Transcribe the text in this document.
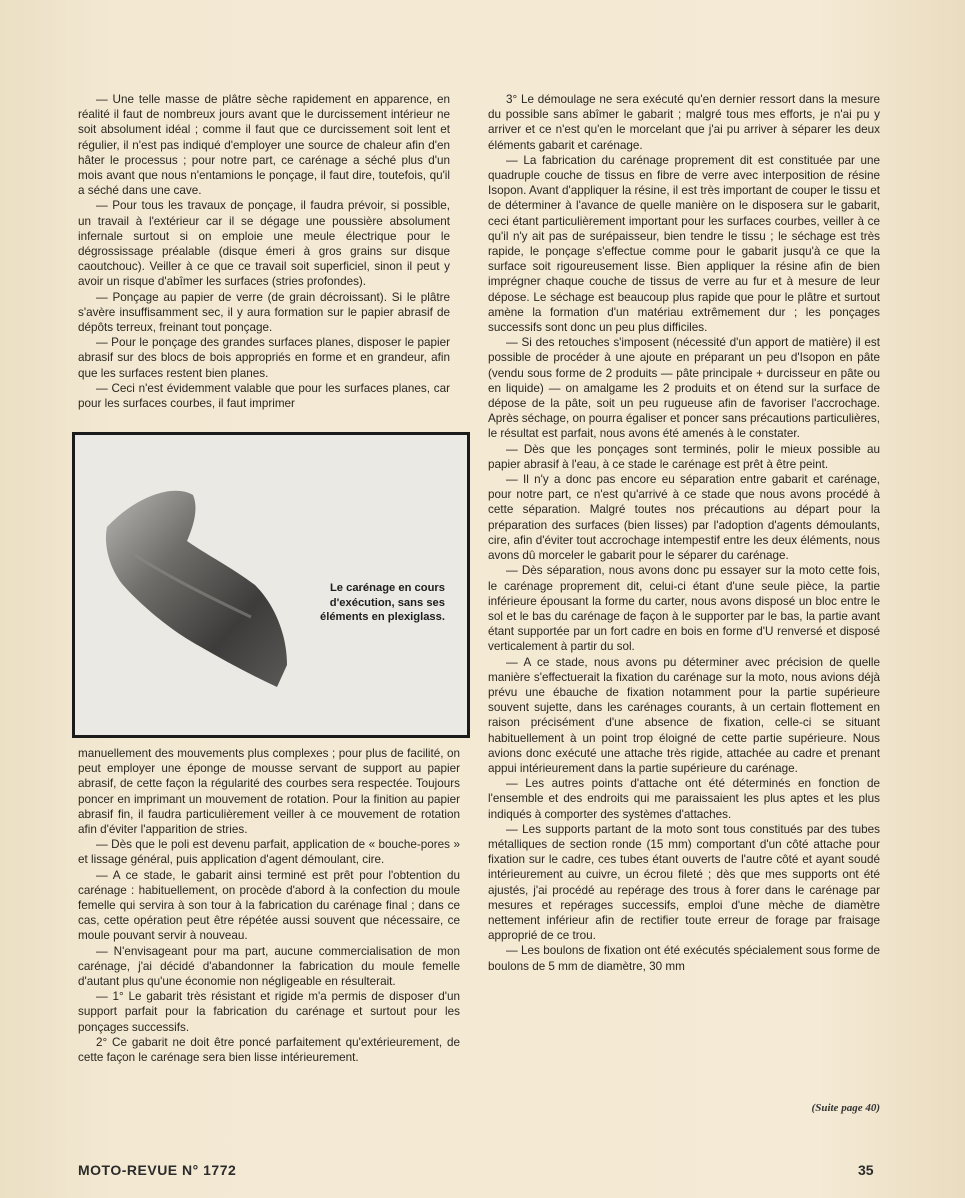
— Une telle masse de plâtre sèche rapidement en apparence, en réalité il faut de nombreux jours avant que le durcissement intérieur ne soit absolument idéal ; comme il faut que ce durcissement soit lent et régulier, il n'est pas indiqué d'employer une source de chaleur afin d'en hâter le processus ; pour notre part, ce carénage a séché plus d'un mois avant que nous n'entamions le ponçage, il faut dire, toutefois, qu'il a séché dans une cave.

— Pour tous les travaux de ponçage, il faudra prévoir, si possible, un travail à l'extérieur car il se dégage une poussière absolument infernale surtout si on emploie une meule électrique pour le dégrossissage préalable (disque émeri à gros grains sur disque caoutchouc). Veiller à ce que ce travail soit superficiel, sinon il peut y avoir un risque d'abîmer les surfaces (stries profondes).

— Ponçage au papier de verre (de grain décroissant). Si le plâtre s'avère insuffisamment sec, il y aura formation sur le papier abrasif de dépôts terreux, freinant tout ponçage.

— Pour le ponçage des grandes surfaces planes, disposer le papier abrasif sur des blocs de bois appropriés en forme et en grandeur, afin que les surfaces restent bien planes.

— Ceci n'est évidemment valable que pour les surfaces planes, car pour les surfaces courbes, il faut imprimer

Le carénage en cours d'exécution, sans ses éléments en plexiglass.

manuellement des mouvements plus complexes ; pour plus de facilité, on peut employer une éponge de mousse servant de support au papier abrasif, de cette façon la régularité des courbes sera respectée. Toujours poncer en imprimant un mouvement de rotation. Pour la finition au papier abrasif fin, il faudra particulièrement veiller à ce mouvement de rotation afin d'éviter l'apparition de stries.

— Dès que le poli est devenu parfait, application de « bouche-pores » et lissage général, puis application d'agent démoulant, cire.

— A ce stade, le gabarit ainsi terminé est prêt pour l'obtention du carénage : habituellement, on procède d'abord à la confection du moule femelle qui servira à son tour à la fabrication du carénage final ; dans ce cas, cette opération peut être répétée aussi souvent que nécessaire, ce moule pouvant servir à nouveau.

— N'envisageant pour ma part, aucune commercialisation de mon carénage, j'ai décidé d'abandonner la fabrication du moule femelle d'autant plus qu'une économie non négligeable en résulterait.

— 1° Le gabarit très résistant et rigide m'a permis de disposer d'un support parfait pour la fabrication du carénage et surtout pour les ponçages successifs.

2° Ce gabarit ne doit être poncé parfaitement qu'extérieurement, de cette façon le carénage sera bien lisse intérieurement.

3° Le démoulage ne sera exécuté qu'en dernier ressort dans la mesure du possible sans abîmer le gabarit ; malgré tous mes efforts, je n'ai pu y arriver et ce n'est qu'en le morcelant que j'ai pu arriver à séparer les deux éléments gabarit et carénage.

— La fabrication du carénage proprement dit est constituée par une quadruple couche de tissus en fibre de verre avec interposition de résine Isopon. Avant d'appliquer la résine, il est très important de couper le tissu et de déterminer à l'avance de quelle manière on le disposera sur le gabarit, ceci étant particulièrement important pour les surfaces courbes, veiller à ce qu'il n'y ait pas de surépaisseur, bien tendre le tissu ; le séchage est très rapide, le ponçage s'effectue comme pour le gabarit jusqu'à ce que la surface soit rigoureusement lisse. Bien appliquer la résine afin de bien imprégner chaque couche de tissus de verre au fur et à mesure de leur dépose. Le séchage est beaucoup plus rapide que pour le plâtre et surtout amène la formation d'un matériau extrêmement dur ; les ponçages successifs sont donc un peu plus difficiles.

— Si des retouches s'imposent (nécessité d'un apport de matière) il est possible de procéder à une ajoute en préparant un peu d'Isopon en pâte (vendu sous forme de 2 produits — pâte principale + durcisseur en pâte ou en liquide) — on amalgame les 2 produits et on étend sur la surface de dépose de la pâte, soit un peu rugueuse afin de favoriser l'accrochage. Après séchage, on pourra égaliser et poncer sans précautions particulières, le résultat est parfait, nous avons été amenés à le constater.

— Dès que les ponçages sont terminés, polir le mieux possible au papier abrasif à l'eau, à ce stade le carénage est prêt à être peint.

— Il n'y a donc pas encore eu séparation entre gabarit et carénage, pour notre part, ce n'est qu'arrivé à ce stade que nous avons procédé à cette séparation. Malgré toutes nos précautions au départ pour la préparation des surfaces (bien lisses) par l'adoption d'agents démoulants, cire, afin d'éviter tout accrochage intempestif entre les deux éléments, nous avons dû morceler le gabarit pour le séparer du carénage.

— Dès séparation, nous avons donc pu essayer sur la moto cette fois, le carénage proprement dit, celui-ci étant d'une seule pièce, la partie inférieure épousant la forme du carter, nous avons disposé un bloc entre le sol et le bas du carénage de façon à le supporter par le bas, la partie avant étant supportée par un fort cadre en bois en forme d'U renversé et disposé verticalement à partir du sol.

— A ce stade, nous avons pu déterminer avec précision de quelle manière s'effectuerait la fixation du carénage sur la moto, nous avions déjà prévu une ébauche de fixation notamment pour la partie supérieure souvent sujette, dans les carénages courants, à un certain flottement en raison précisément d'une absence de fixation, celle-ci se situant habituellement à un point trop éloigné de cette partie supérieure. Nous avions donc exécuté une attache très rigide, attachée au cadre et prenant appui intérieurement dans la partie supérieure du carénage.

— Les autres points d'attache ont été déterminés en fonction de l'ensemble et des endroits qui me paraissaient les plus aptes et les plus indiqués à comporter des systèmes d'attaches.

— Les supports partant de la moto sont tous constitués par des tubes métalliques de section ronde (15 mm) comportant d'un côté attache pour fixation sur le cadre, ces tubes étant ouverts de l'autre côté et ayant soudé intérieurement au cuivre, un écrou fileté ; dès que mes supports ont été ajustés, j'ai procédé au repérage des trous à forer dans le carénage par mesures et repérages successifs, emploi d'une mèche de diamètre nettement inférieur afin de rectifier toute erreur de forage par fraisage approprié de ce trou.

— Les boulons de fixation ont été exécutés spécialement sous forme de boulons de 5 mm de diamètre, 30 mm

(Suite page 40)
MOTO-REVUE N° 1772	35
